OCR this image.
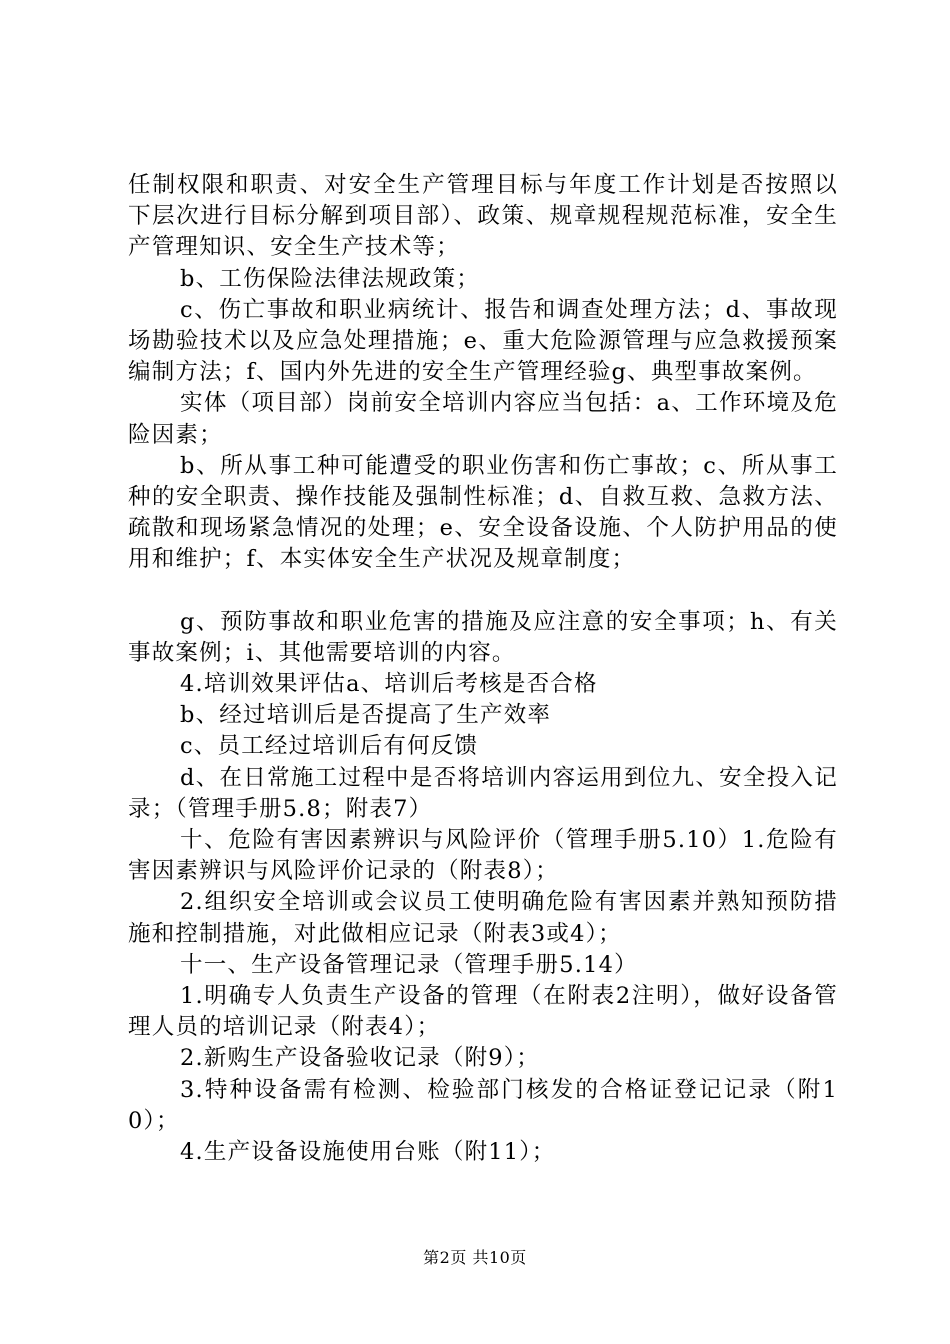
任制权限和职责、对安全生产管理目标与年度工作计划是否按照以下层次进行目标分解到项目部）、政策、规章规程规范标准，安全生产管理知识、安全生产技术等；

b、工伤保险法律法规政策；

c、伤亡事故和职业病统计、报告和调查处理方法；d、事故现场勘验技术以及应急处理措施；e、重大危险源管理与应急救援预案编制方法；f、国内外先进的安全生产管理经验g、典型事故案例。

实体（项目部）岗前安全培训内容应当包括：a、工作环境及危险因素；

b、所从事工种可能遭受的职业伤害和伤亡事故；c、所从事工种的安全职责、操作技能及强制性标准；d、自救互救、急救方法、疏散和现场紧急情况的处理；e、安全设备设施、个人防护用品的使用和维护；f、本实体安全生产状况及规章制度；

g、预防事故和职业危害的措施及应注意的安全事项；h、有关事故案例；i、其他需要培训的内容。

4.培训效果评估a、培训后考核是否合格

b、经过培训后是否提高了生产效率

c、员工经过培训后有何反馈

d、在日常施工过程中是否将培训内容运用到位九、安全投入记录；（管理手册5.8；附表7）

十、危险有害因素辨识与风险评价（管理手册5.10）1.危险有害因素辨识与风险评价记录的（附表8）；

2.组织安全培训或会议员工使明确危险有害因素并熟知预防措施和控制措施，对此做相应记录（附表3或4）；

十一、生产设备管理记录（管理手册5.14）

1.明确专人负责生产设备的管理（在附表2注明），做好设备管理人员的培训记录（附表4）；

2.新购生产设备验收记录（附9）；

3.特种设备需有检测、检验部门核发的合格证登记记录（附10）；

4.生产设备设施使用台账（附11）；

第2页 共10页
